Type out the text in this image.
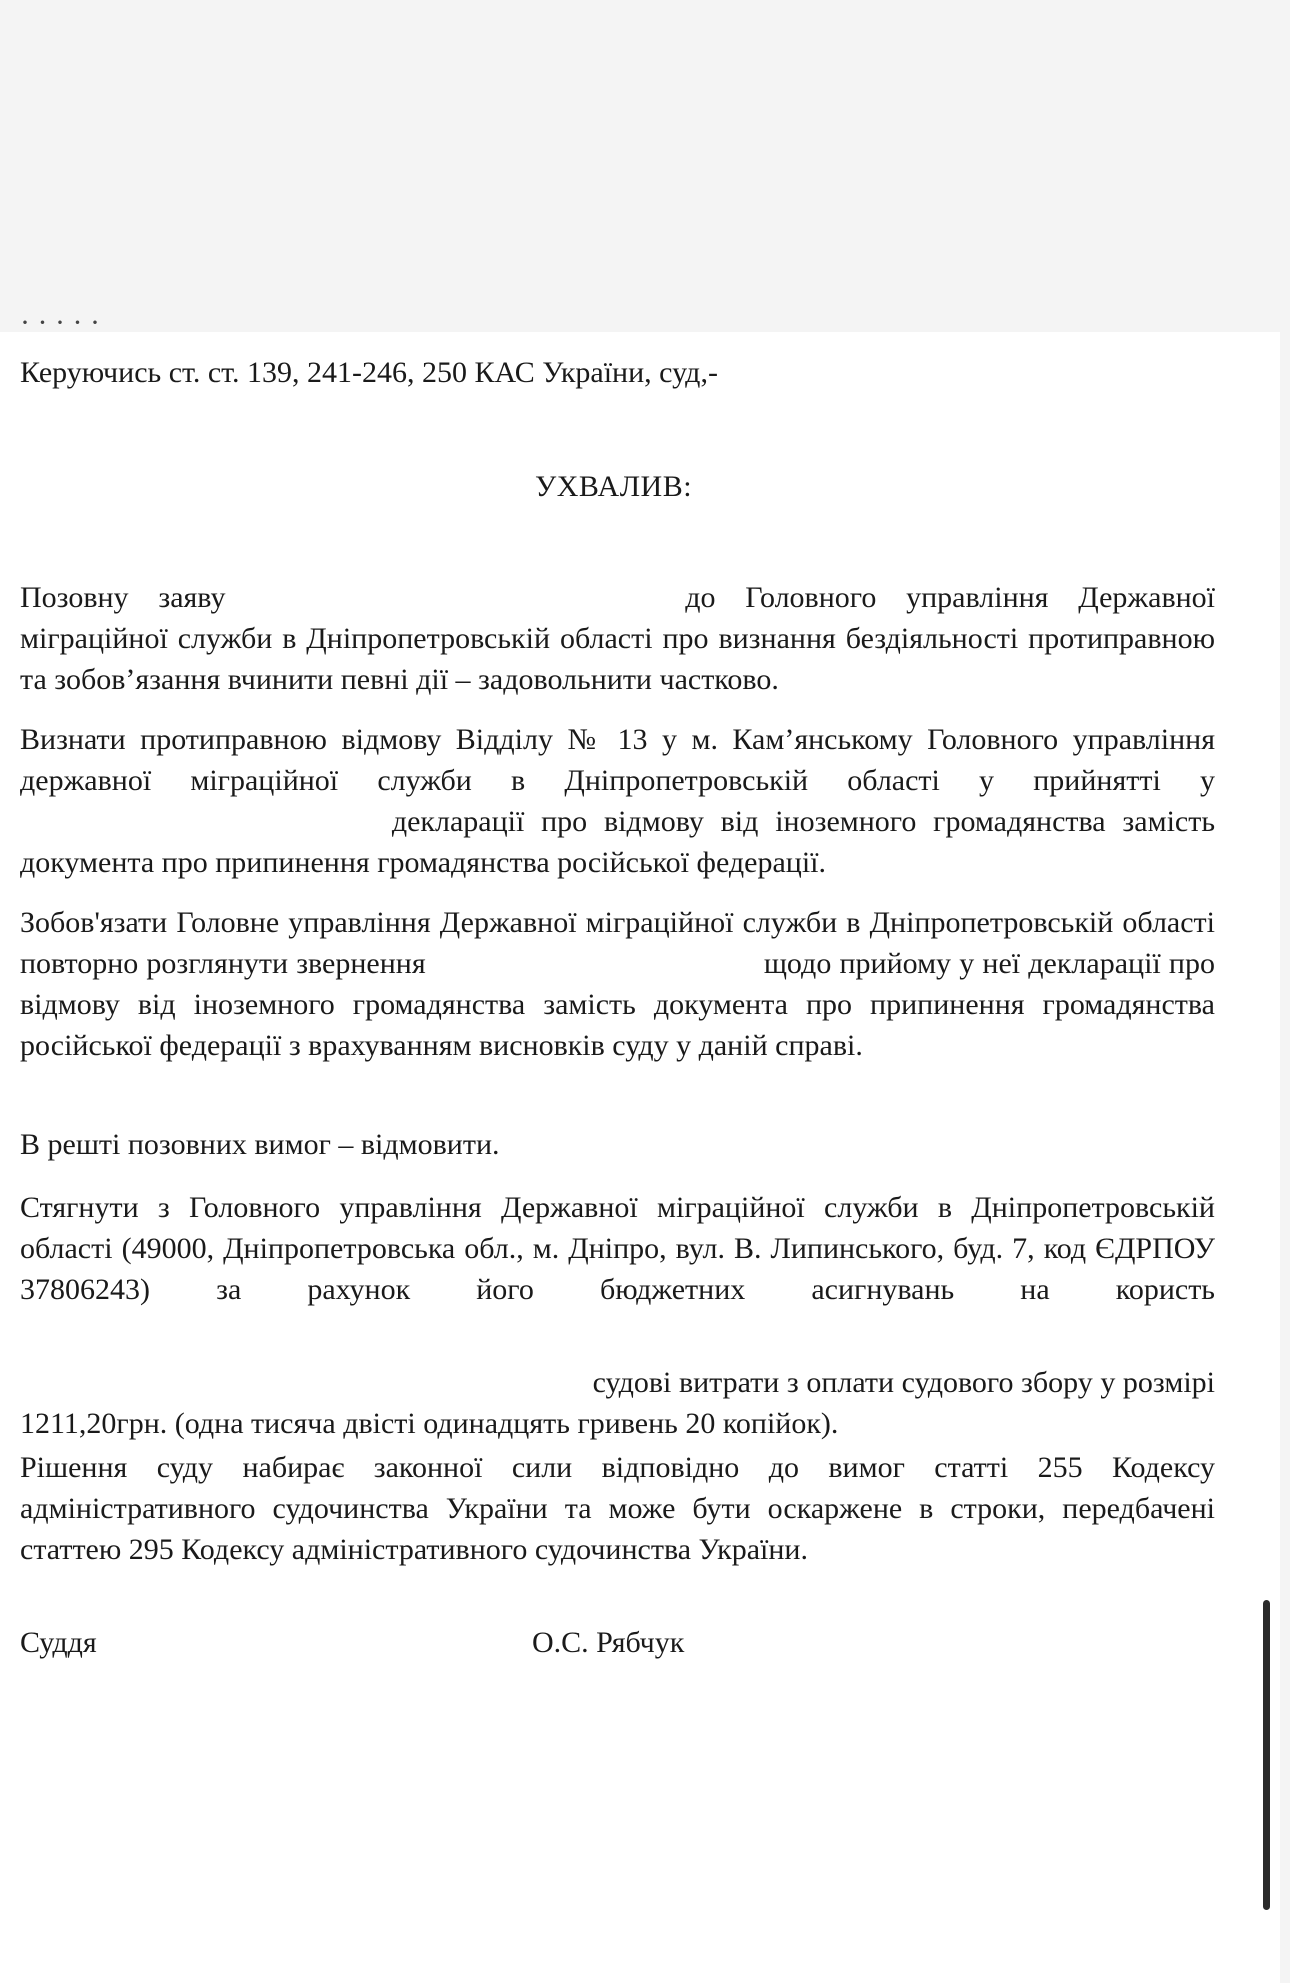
· · · · ·
Керуючись ст. ст. 139, 241-246, 250 КАС України, суд,-
УХВАЛИВ:
Позовну заяву	до Головного управління Державної міграційної служби в Дніпропетровській області про визнання бездіяльності протиправною та зобов’язання вчинити певні дії – задовольнити частково.
Визнати протиправною відмову Відділу № 13 у м. Кам’янському Головного управління державної міграційної служби в Дніпропетровській області у прийнятті у  декларації про відмову від іноземного громадянства замість документа про припинення громадянства російської федерації.
Зобов'язати Головне управління Державної міграційної служби в Дніпропетровській області повторно розглянути звернення	щодо прийому у неї декларації про відмову від іноземного громадянства замість документа про припинення громадянства російської федерації з врахуванням висновків суду у даній справі.
В решті позовних вимог – відмовити.
Стягнути з Головного управління Державної міграційної служби в Дніпропетровській області (49000, Дніпропетровська обл., м. Дніпро, вул. В. Липинського, буд. 7, код ЄДРПОУ 37806243) за рахунок його бюджетних асигнувань на користь   судові витрати з оплати судового збору у розмірі 1211,20грн. (одна тисяча двісті одинадцять гривень 20 копійок).
Рішення суду набирає законної сили відповідно до вимог статті 255 Кодексу адміністративного судочинства України та може бути оскаржене в строки, передбачені статтею 295 Кодексу адміністративного судочинства України.
Суддя	О.С. Рябчук
